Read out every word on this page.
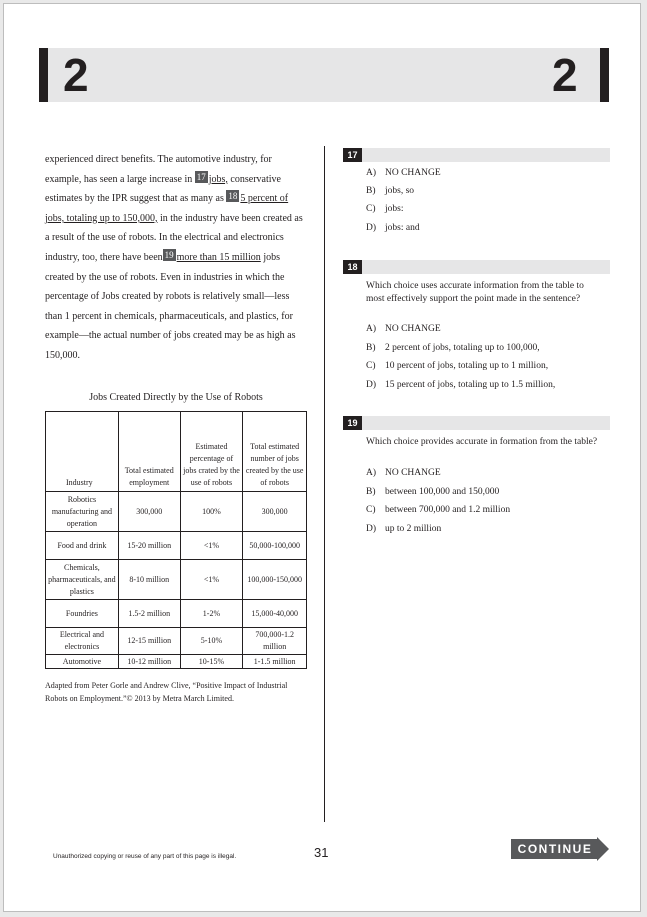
2	2
experienced direct benefits. The automotive industry, for example, has seen a large increase in 17 jobs, conservative estimates by the IPR suggest that as many as 18 5 percent of jobs, totaling up to 150,000, in the industry have been created as a result of the use of robots. In the electrical and electronics industry, too, there have been 19 more than 15 million jobs created by the use of robots. Even in industries in which the percentage of Jobs created by robots is relatively small—less than 1 percent in chemicals, pharmaceuticals, and plastics, for example—the actual number of jobs created may be as high as 150,000.
Jobs Created Directly by the Use of Robots
Industry	Total estimated employment	Estimated percentage of jobs crated by the use of robots	Total estimated number of jobs created by the use of robots
Robotics manufacturing and operation	300,000	100%	300,000
Food and drink	15-20 million	<1%	50,000-100,000
Chemicals, pharmaceuticals, and plastics	8-10 million	<1%	100,000-150,000
Foundries	1.5-2 million	1-2%	15,000-40,000
Electrical and electronics	12-15 million	5-10%	700,000-1.2 million
Automotive	10-12 million	10-15%	1-1.5 million
Adapted from Peter Gorle and Andrew Clive, “Positive Impact of Industrial Robots on Employment.”© 2013 by Metra March Limited.
17
A) NO CHANGE
B) jobs, so
C) jobs:
D) jobs: and
18
Which choice uses accurate information from the table to most effectively support the point made in the sentence?
A) NO CHANGE
B) 2 percent of jobs, totaling up to 100,000,
C) 10 percent of jobs, totaling up to 1 million,
D) 15 percent of jobs, totaling up to 1.5 million,
19
Which choice provides accurate in formation from the table?
A) NO CHANGE
B) between 100,000 and 150,000
C) between 700,000 and 1.2 million
D) up to 2 million
Unauthorized copying or reuse of any part of this page is illegal.	31	CONTINUE
